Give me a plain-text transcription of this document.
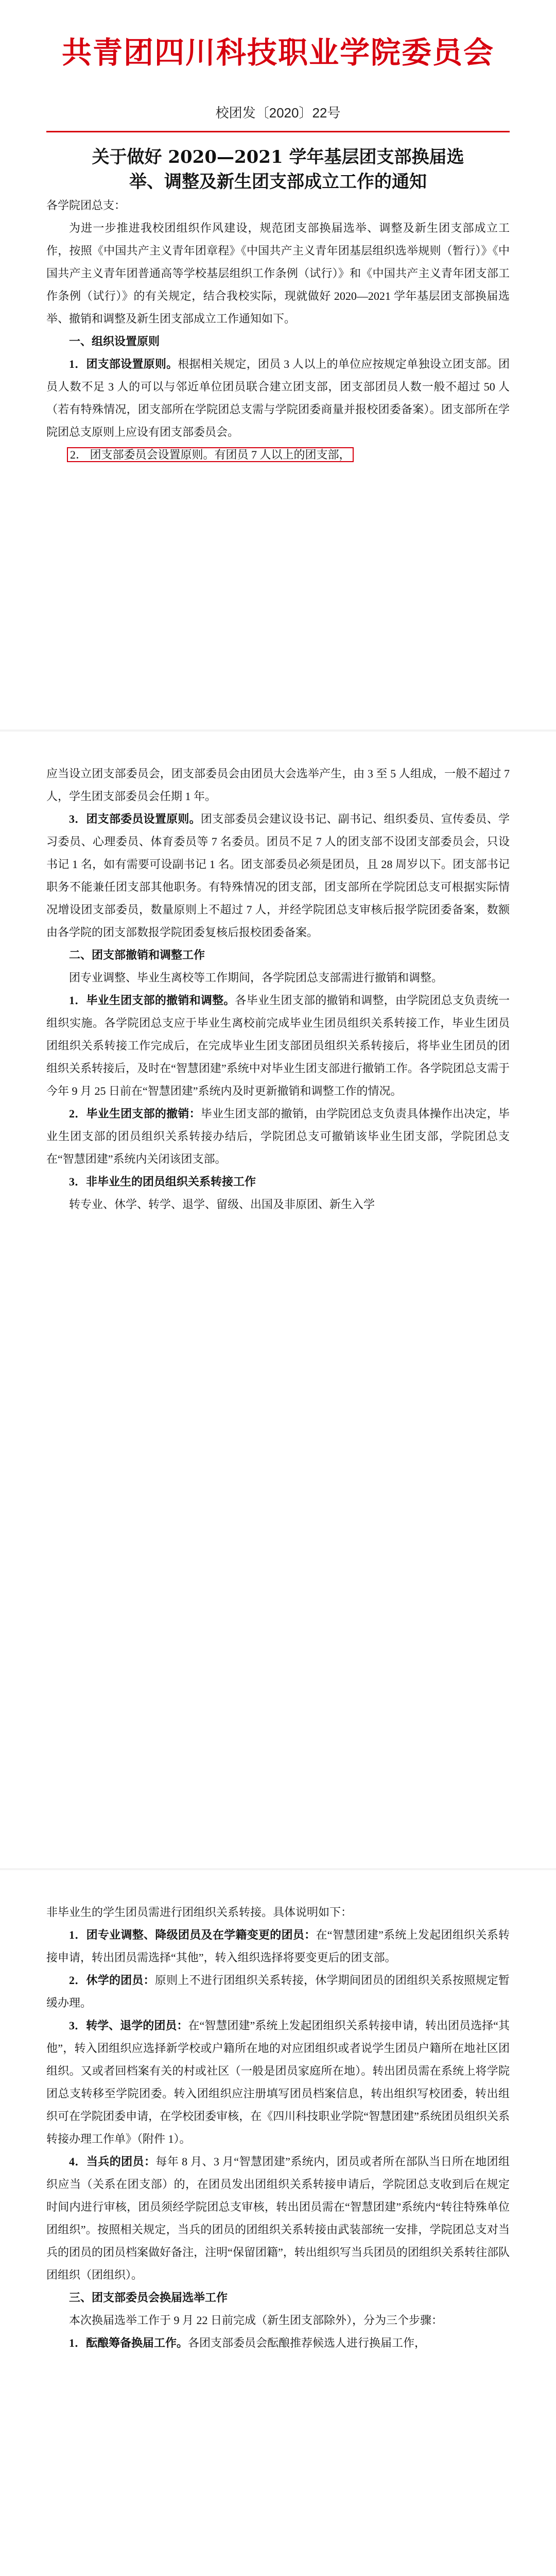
共青团四川科技职业学院委员会
校团发〔2020〕22号
关于做好 2020—2021 学年基层团支部换届选
举、调整及新生团支部成立工作的通知

各学院团总支：

为进一步推进我校团组织作风建设，规范团支部换届选举、调整及新生团支部成立工作，按照《中国共产主义青年团章程》《中国共产主义青年团基层组织选举规则（暂行）》《中国共产主义青年团普通高等学校基层组织工作条例（试行）》和《中国共产主义青年团支部工作条例（试行）》的有关规定，结合我校实际，现就做好 2020—2021 学年基层团支部换届选举、撤销和调整及新生团支部成立工作通知如下。

一、组织设置原则

1．团支部设置原则。根据相关规定，团员 3 人以上的单位应按规定单独设立团支部。团员人数不足 3 人的可以与邻近单位团员联合建立团支部，团支部团员人数一般不超过 50 人（若有特殊情况，团支部所在学院团总支需与学院团委商量并报校团委备案）。团支部所在学院团总支原则上应设有团支部委员会。

2． 团支部委员会设置原则。有团员 7 人以上的团支部，

应当设立团支部委员会，团支部委员会由团员大会选举产生，由 3 至 5 人组成，一般不超过 7 人，学生团支部委员会任期 1 年。

3．团支部委员设置原则。团支部委员会建议设书记、副书记、组织委员、宣传委员、学习委员、心理委员、体育委员等 7 名委员。团员不足 7 人的团支部不设团支部委员会，只设书记 1 名，如有需要可设副书记 1 名。团支部委员必须是团员，且 28 周岁以下。团支部书记职务不能兼任团支部其他职务。有特殊情况的团支部，团支部所在学院团总支可根据实际情况增设团支部委员，数量原则上不超过 7 人，并经学院团总支审核后报学院团委备案，数额由各学院的团支部数报学院团委复核后报校团委备案。

二、团支部撤销和调整工作

团专业调整、毕业生离校等工作期间，各学院团总支部需进行撤销和调整。

1．毕业生团支部的撤销和调整。各毕业生团支部的撤销和调整，由学院团总支负责统一组织实施。各学院团总支应于毕业生离校前完成毕业生团员组织关系转接工作，毕业生团员团组织关系转接工作完成后，在完成毕业生团支部团员组织关系转接后，将毕业生团员的团组织关系转接后，及时在“智慧团建”系统中对毕业生团支部进行撤销工作。各学院团总支需于今年 9 月 25 日前在“智慧团建”系统内及时更新撤销和调整工作的情况。

2．毕业生团支部的撤销：毕业生团支部的撤销，由学院团总支负责具体操作出决定，毕业生团支部的团员组织关系转接办结后，学院团总支可撤销该毕业生团支部，学院团总支在“智慧团建”系统内关闭该团支部。

3．非毕业生的团员组织关系转接工作

转专业、休学、转学、退学、留级、出国及非原团、新生入学

非毕业生的学生团员需进行团组织关系转接。具体说明如下：

1．团专业调整、降级团员及在学籍变更的团员：在“智慧团建”系统上发起团组织关系转接申请，转出团员需选择“其他”，转入组织选择将要变更后的团支部。

2．休学的团员：原则上不进行团组织关系转接，休学期间团员的团组织关系按照规定暂缓办理。

3．转学、退学的团员：在“智慧团建”系统上发起团组织关系转接申请，转出团员选择“其他”，转入团组织应选择新学校或户籍所在地的对应团组织或者说学生团员户籍所在地社区团组织。又或者回档案有关的村或社区（一般是团员家庭所在地）。转出团员需在系统上将学院团总支转移至学院团委。转入团组织应注册填写团员档案信息，转出组织写校团委，转出组织可在学院团委申请，在学校团委审核，在《四川科技职业学院“智慧团建”系统团员组织关系转接办理工作单》（附件 1）。

4．当兵的团员：每年 8 月、3 月“智慧团建”系统内，团员或者所在部队当日所在地团组织应当（关系在团支部）的，在团员发出团组织关系转接申请后，学院团总支收到后在规定时间内进行审核，团员须经学院团总支审核，转出团员需在“智慧团建”系统内“转往特殊单位团组织”。按照相关规定，当兵的团员的团组织关系转接由武装部统一安排，学院团总支对当兵的团员的团员档案做好备注，注明“保留团籍”，转出组织写当兵团员的团组织关系转往部队团组织（团组织）。

三、团支部委员会换届选举工作

本次换届选举工作于 9 月 22 日前完成（新生团支部除外），分为三个步骤：

1．酝酿筹备换届工作。各团支部委员会酝酿推荐候选人进行换届工作，
